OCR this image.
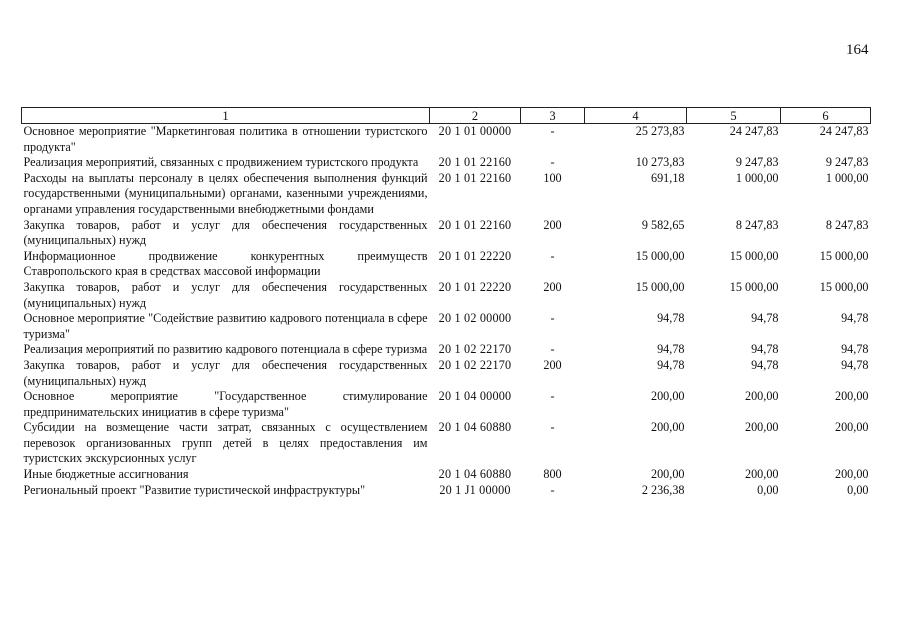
164
1	2	3	4	5	6
Основное мероприятие "Маркетинговая политика в отношении туристского продукта"	20 1 01 00000	-	25 273,83	24 247,83	24 247,83
Реализация мероприятий, связанных с продвижением туристского продукта	20 1 01 22160	-	10 273,83	9 247,83	9 247,83
Расходы на выплаты персоналу в целях обеспечения выполнения функций государственными (муниципальными) органами, казенными учреждениями, органами управления государственными внебюджетными фондами	20 1 01 22160	100	691,18	1 000,00	1 000,00
Закупка товаров, работ и услуг для обеспечения государственных (муниципальных) нужд	20 1 01 22160	200	9 582,65	8 247,83	8 247,83
Информационное продвижение конкурентных преимуществ Ставропольского края в средствах массовой информации	20 1 01 22220	-	15 000,00	15 000,00	15 000,00
Закупка товаров, работ и услуг для обеспечения государственных (муниципальных) нужд	20 1 01 22220	200	15 000,00	15 000,00	15 000,00
Основное мероприятие "Содействие развитию кадрового потенциала в сфере туризма"	20 1 02 00000	-	94,78	94,78	94,78
Реализация мероприятий по развитию кадрового потенциала в сфере туризма	20 1 02 22170	-	94,78	94,78	94,78
Закупка товаров, работ и услуг для обеспечения государственных (муниципальных) нужд	20 1 02 22170	200	94,78	94,78	94,78
Основное мероприятие "Государственное стимулирование предпринимательских инициатив в сфере туризма"	20 1 04 00000	-	200,00	200,00	200,00
Субсидии на возмещение части затрат, связанных с осуществлением перевозок организованных групп детей в целях предоставления им туристских экскурсионных услуг	20 1 04 60880	-	200,00	200,00	200,00
Иные бюджетные ассигнования	20 1 04 60880	800	200,00	200,00	200,00
Региональный проект "Развитие туристической инфраструктуры"	20 1 J1 00000	-	2 236,38	0,00	0,00
